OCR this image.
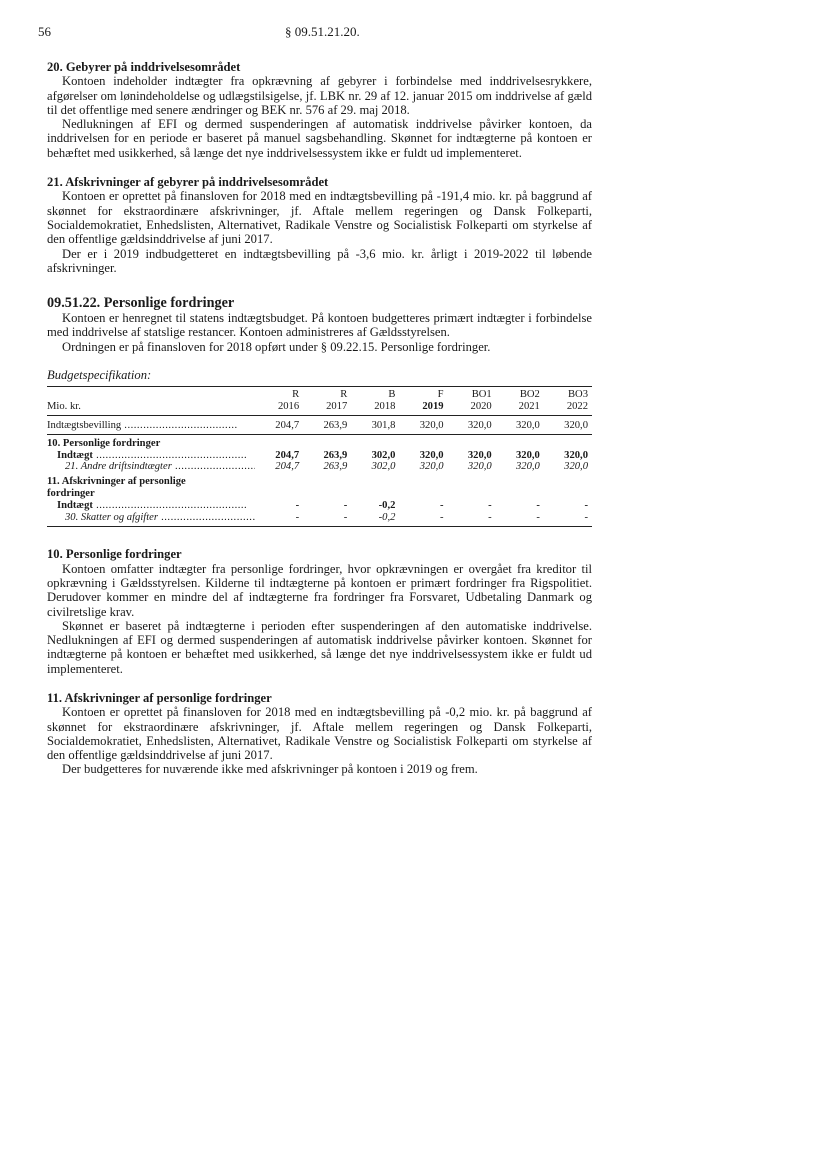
56	§ 09.51.21.20.
20. Gebyrer på inddrivelsesområdet

Kontoen indeholder indtægter fra opkrævning af gebyrer i forbindelse med inddrivelsesrykkere, afgørelser om lønindeholdelse og udlægstilsigelse, jf. LBK nr. 29 af 12. januar 2015 om inddrivelse af gæld til det offentlige med senere ændringer og BEK nr. 576 af 29. maj 2018.

Nedlukningen af EFI og dermed suspenderingen af automatisk inddrivelse påvirker kontoen, da inddrivelsen for en periode er baseret på manuel sagsbehandling. Skønnet for indtægterne på kontoen er behæftet med usikkerhed, så længe det nye inddrivelsessystem ikke er fuldt ud implementeret.

21. Afskrivninger af gebyrer på inddrivelsesområdet

Kontoen er oprettet på finansloven for 2018 med en indtægtsbevilling på -191,4 mio. kr. på baggrund af skønnet for ekstraordinære afskrivninger, jf. Aftale mellem regeringen og Dansk Folkeparti, Socialdemokratiet, Enhedslisten, Alternativet, Radikale Venstre og Socialistisk Folkeparti om styrkelse af den offentlige gældsinddrivelse af juni 2017.

Der er i 2019 indbudgetteret en indtægtsbevilling på -3,6 mio. kr. årligt i 2019-2022 til løbende afskrivninger.

09.51.22. Personlige fordringer

Kontoen er henregnet til statens indtægtsbudget. På kontoen budgetteres primært indtægter i forbindelse med inddrivelse af statslige restancer. Kontoen administreres af Gældsstyrelsen.

Ordningen er på finansloven for 2018 opført under § 09.22.15. Personlige fordringer.

Budgetspecifikation:
	R	R	B	F	BO1	BO2	BO3
Mio. kr.	2016	2017	2018	2019	2020	2021	2022

Indtægtsbevilling .....	204,7	263,9	301,8	320,0	320,0	320,0	320,0
10. Personlige fordringer							

Indtægt .....	204,7	263,9	302,0	320,0	320,0	320,0	320,0

21. Andre driftsindtægter .....	204,7	263,9	302,0	320,0	320,0	320,0	320,0

11. Afskrivninger af personlige fordringer							

Indtægt .....	-	-	-0,2	-	-	-	-

30. Skatter og afgifter .....	-	-	-0,2	-	-	-	-
10. Personlige fordringer

Kontoen omfatter indtægter fra personlige fordringer, hvor opkrævningen er overgået fra kreditor til opkrævning i Gældsstyrelsen. Kilderne til indtægterne på kontoen er primært fordringer fra Rigspolitiet. Derudover kommer en mindre del af indtægterne fra fordringer fra Forsvaret, Udbetaling Danmark og civilretslige krav.

Skønnet er baseret på indtægterne i perioden efter suspenderingen af den automatiske inddrivelse. Nedlukningen af EFI og dermed suspenderingen af automatisk inddrivelse påvirker kontoen. Skønnet for indtægterne på kontoen er behæftet med usikkerhed, så længe det nye inddrivelsessystem ikke er fuldt ud implementeret.

11. Afskrivninger af personlige fordringer

Kontoen er oprettet på finansloven for 2018 med en indtægtsbevilling på -0,2 mio. kr. på baggrund af skønnet for ekstraordinære afskrivninger, jf. Aftale mellem regeringen og Dansk Folkeparti, Socialdemokratiet, Enhedslisten, Alternativet, Radikale Venstre og Socialistisk Folkeparti om styrkelse af den offentlige gældsinddrivelse af juni 2017.

Der budgetteres for nuværende ikke med afskrivninger på kontoen i 2019 og frem.
